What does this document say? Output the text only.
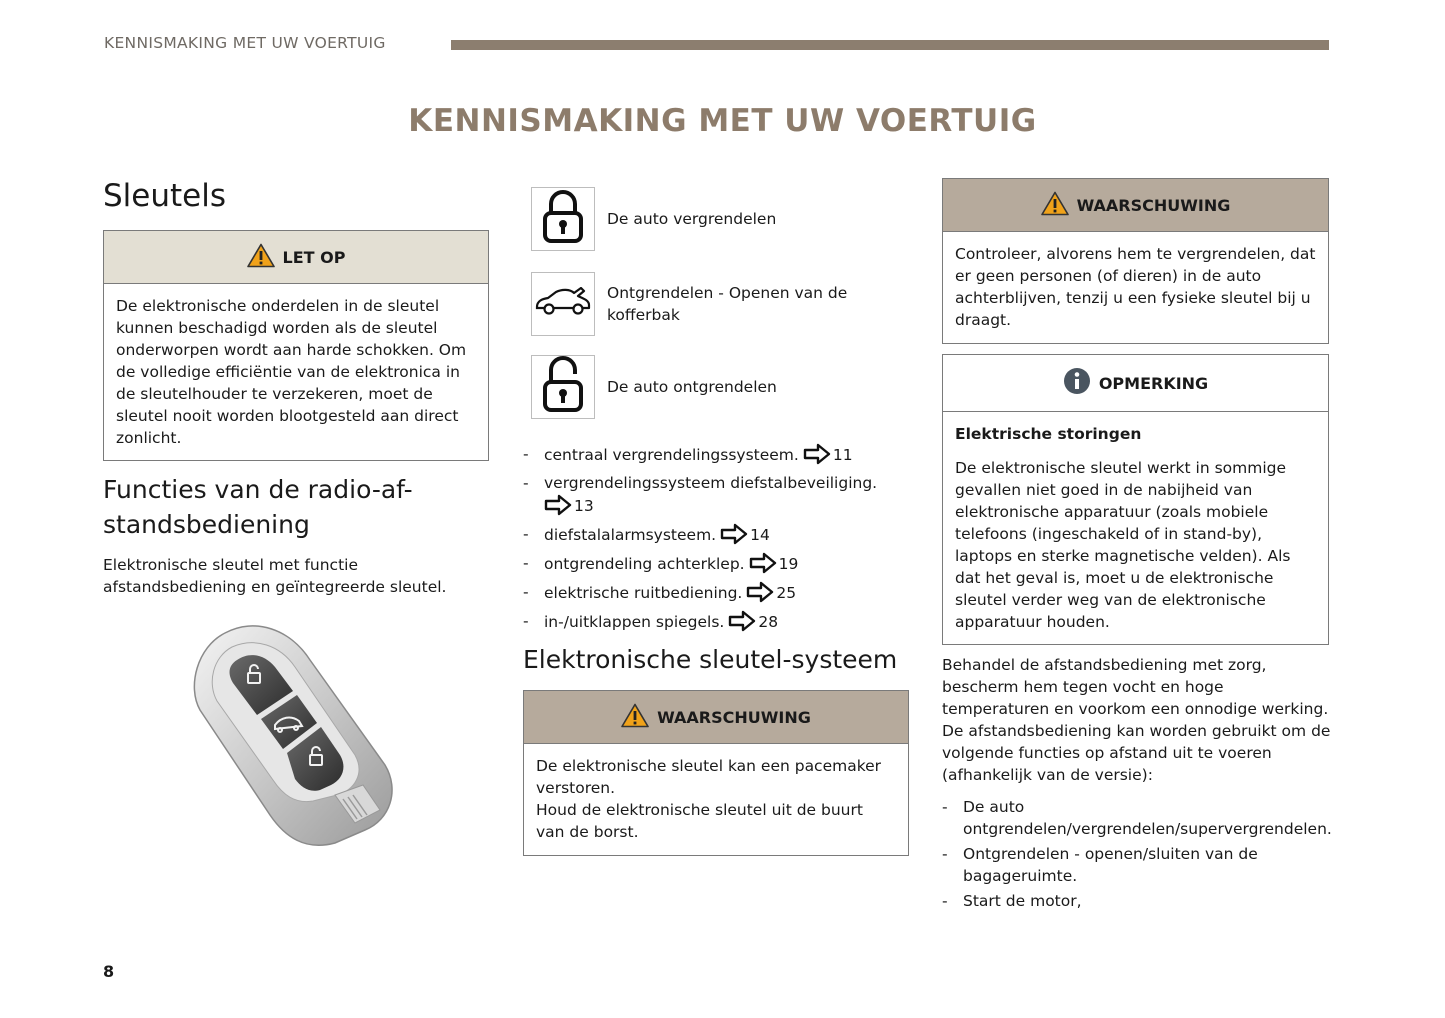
KENNISMAKING MET UW VOERTUIG
KENNISMAKING MET UW VOERTUIG
Sleutels
LET OP
De elektronische onderdelen in de sleutel kunnen beschadigd worden als de sleutel onderworpen wordt aan harde schokken. Om de volledige efficiëntie van de elektronica in de sleutelhouder te verzekeren, moet de sleutel nooit worden blootgesteld aan direct zonlicht.
Functies van de radio-af-
standsbediening
Elektronische sleutel met functie afstandsbediening en geïntegreerde sleutel.
De auto vergrendelen
Ontgrendelen - Openen van de kofferbak
De auto ontgrendelen
- centraal vergrendelingssysteem. 11
- vergrendelingssysteem diefstalbeveiliging.
13
- diefstalalarmsysteem. 14
- ontgrendeling achterklep. 19
- elektrische ruitbediening. 25
- in-/uitklappen spiegels. 28
Elektronische sleutel-systeem
WAARSCHUWING
De elektronische sleutel kan een pacemaker verstoren.
Houd de elektronische sleutel uit de buurt van de borst.
WAARSCHUWING
Controleer, alvorens hem te vergrendelen, dat er geen personen (of dieren) in de auto achterblijven, tenzij u een fysieke sleutel bij u draagt.
OPMERKING
Elektrische storingen
De elektronische sleutel werkt in sommige gevallen niet goed in de nabijheid van elektronische apparatuur (zoals mobiele telefoons (ingeschakeld of in stand-by), laptops en sterke magnetische velden). Als dat het geval is, moet u de elektronische sleutel verder weg van de elektronische apparatuur houden.
Behandel de afstandsbediening met zorg, bescherm hem tegen vocht en hoge temperaturen en voorkom een onnodige werking.
De afstandsbediening kan worden gebruikt om de volgende functies op afstand uit te voeren (afhankelijk van de versie):
- De auto ontgrendelen/vergrendelen/supervergrendelen.
- Ontgrendelen - openen/sluiten van de bagageruimte.
- Start de motor,
8
